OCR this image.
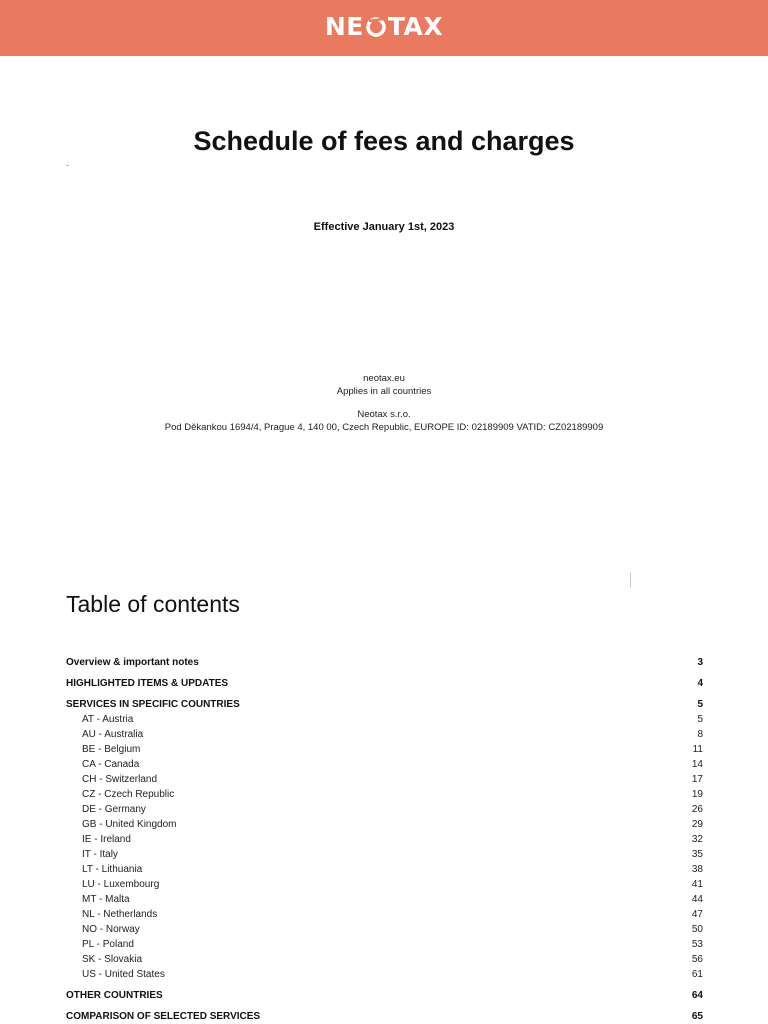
NE TAX
Schedule of fees and charges
-
Effective January 1st, 2023
neotax.eu
Applies in all countries
Neotax s.r.o.
Pod Děkankou 1694/4, Prague 4, 140 00, Czech Republic, EUROPE ID: 02189909 VATID: CZ02189909
Table of contents
Overview & important notes	3
HIGHLIGHTED ITEMS & UPDATES	4
SERVICES IN SPECIFIC COUNTRIES	5
AT - Austria	5
AU - Australia	8
BE - Belgium	11
CA - Canada	14
CH - Switzerland	17
CZ - Czech Republic	19
DE - Germany	26
GB - United Kingdom	29
IE - Ireland	32
IT - Italy	35
LT - Lithuania	38
LU - Luxembourg	41
MT - Malta	44
NL - Netherlands	47
NO - Norway	50
PL - Poland	53
SK - Slovakia	56
US - United States	61
OTHER COUNTRIES	64
COMPARISON OF SELECTED SERVICES	65
